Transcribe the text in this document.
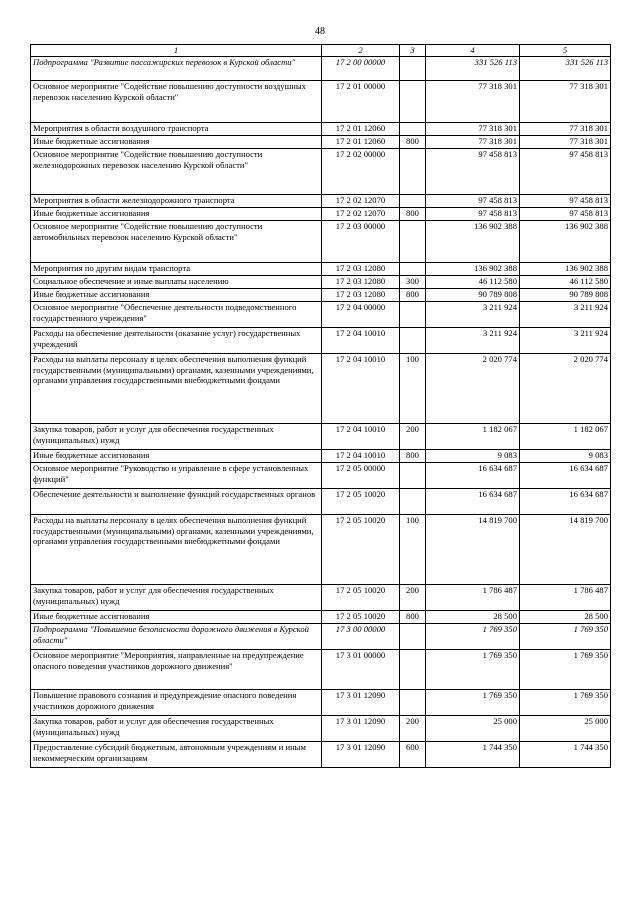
48
1	2	3	4	5
Подпрограмма "Развитие пассажирских перевозок в Курской области"	17 2 00 00000		331 526 113	331 526 113
Основное мероприятие "Содействие повышению доступности воздушных перевозок населению Курской области"	17 2 01 00000		77 318 301	77 318 301
Мероприятия в области воздушного транспорта	17 2 01 12060		77 318 301	77 318 301
Иные бюджетные ассигнования	17 2 01 12060	800	77 318 301	77 318 301
Основное мероприятие "Содействие повышению доступности железнодорожных перевозок населению Курской области"	17 2 02 00000		97 458 813	97 458 813
Мероприятия в области железнодорожного транспорта	17 2 02 12070		97 458 813	97 458 813
Иные бюджетные ассигнования	17 2 02 12070	800	97 458 813	97 458 813
Основное мероприятие "Содействие повышению доступности автомобильных перевозок населению Курской области"	17 2 03 00000		136 902 388	136 902 388
Мероприятия по другим видам транспорта	17 2 03 12080		136 902 388	136 902 388
Социальное обеспечение и иные выплаты населению	17 2 03 12080	300	46 112 580	46 112 580
Иные бюджетные ассигнования	17 2 03 12080	800	90 789 808	90 789 808
Основное мероприятие "Обеспечение деятельности подведомственного государственного учреждения"	17 2 04 00000		3 211 924	3 211 924
Расходы на обеспечение деятельности (оказание услуг) государственных учреждений	17 2 04 10010		3 211 924	3 211 924
Расходы на выплаты персоналу в целях обеспечения выполнения функций государственными (муниципальными) органами, казенными учреждениями, органами управления государственными внебюджетными фондами	17 2 04 10010	100	2 020 774	2 020 774
Закупка товаров, работ и услуг для обеспечения государственных (муниципальных) нужд	17 2 04 10010	200	1 182 067	1 182 067
Иные бюджетные ассигнования	17 2 04 10010	800	9 083	9 083
Основное мероприятие "Руководство и управление в сфере установленных функций"	17 2 05 00000		16 634 687	16 634 687
Обеспечение деятельности и выполнение функций государственных органов	17 2 05 10020		16 634 687	16 634 687
Расходы на выплаты персоналу в целях обеспечения выполнения функций государственными (муниципальными) органами, казенными учреждениями, органами управления государственными внебюджетными фондами	17 2 05 10020	100	14 819 700	14 819 700
Закупка товаров, работ и услуг для обеспечения государственных (муниципальных) нужд	17 2 05 10020	200	1 786 487	1 786 487
Иные бюджетные ассигнования	17 2 05 10020	800	28 500	28 500
Подпрограмма "Повышение безопасности дорожного движения в Курской области"	17 3 00 00000		1 769 350	1 769 350
Основное мероприятие "Мероприятия, направленные на предупреждение опасного поведения участников дорожного движения"	17 3 01 00000		1 769 350	1 769 350
Повышение правового сознания и предупреждение опасного поведения участников дорожного движения	17 3 01 12090		1 769 350	1 769 350
Закупка товаров, работ и услуг для обеспечения государственных (муниципальных) нужд	17 3 01 12090	200	25 000	25 000
Предоставление субсидий бюджетным, автономным учреждениям и иным некоммерческим организациям	17 3 01 12090	600	1 744 350	1 744 350
